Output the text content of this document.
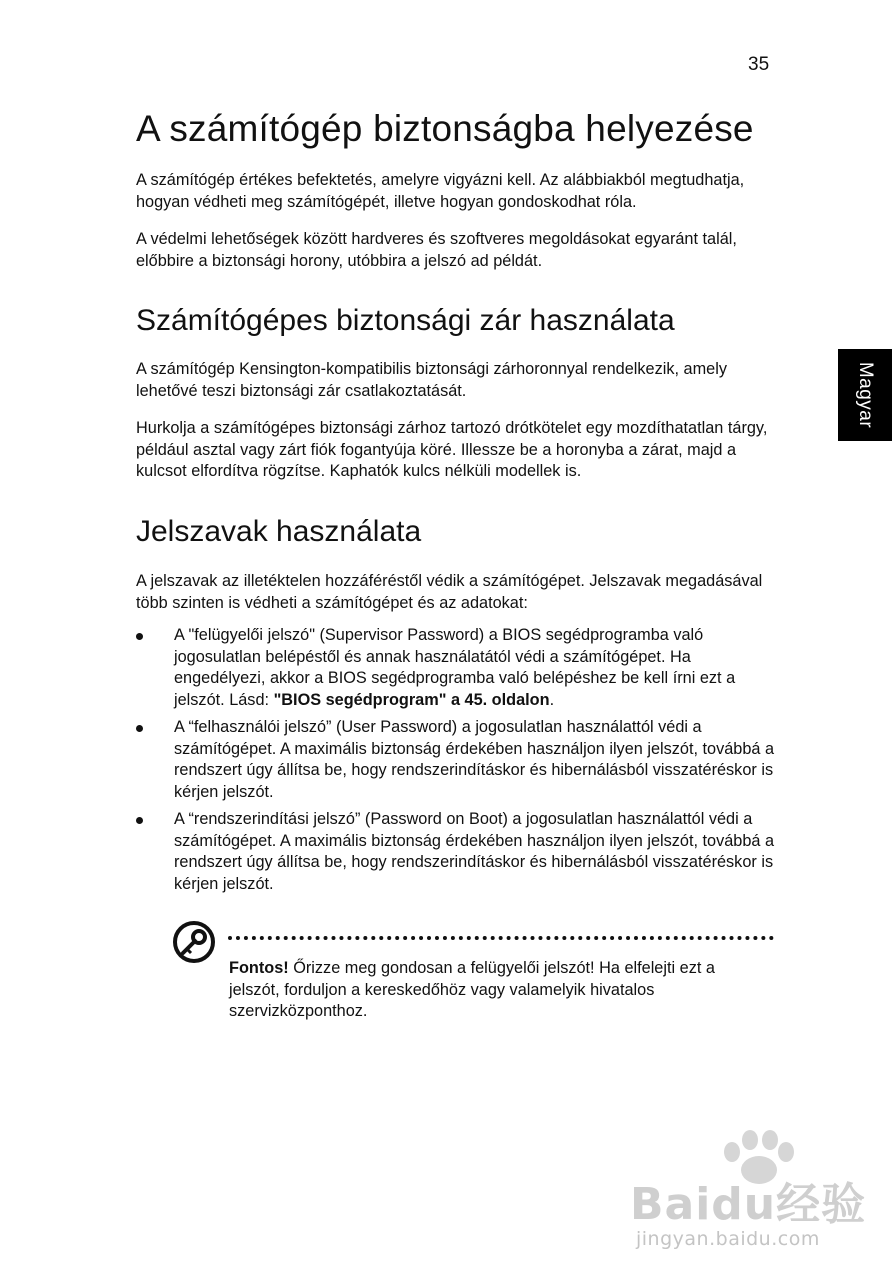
35
Magyar
A számítógép biztonságba helyezése

A számítógép értékes befektetés, amelyre vigyázni kell. Az alábbiakból megtudhatja, hogyan védheti meg számítógépét, illetve hogyan gondoskodhat róla.

A védelmi lehetőségek között hardveres és szoftveres megoldásokat egyaránt talál, előbbire a biztonsági horony, utóbbira a jelszó ad példát.

Számítógépes biztonsági zár használata

A számítógép Kensington-kompatibilis biztonsági zárhoronnyal rendelkezik, amely lehetővé teszi biztonsági zár csatlakoztatását.

Hurkolja a számítógépes biztonsági zárhoz tartozó drótkötelet egy mozdíthatatlan tárgy, például asztal vagy zárt fiók fogantyúja köré. Illessze be a horonyba a zárat, majd a kulcsot elfordítva rögzítse. Kaphatók kulcs nélküli modellek is.

Jelszavak használata

A jelszavak az illetéktelen hozzáféréstől védik a számítógépet. Jelszavak megadásával több szinten is védheti a számítógépet és az adatokat:

A "felügyelői jelszó" (Supervisor Password) a BIOS segédprogramba való jogosulatlan belépéstől és annak használatától védi a számítógépet. Ha engedélyezi, akkor a BIOS segédprogramba való belépéshez be kell írni ezt a jelszót. Lásd: "BIOS segédprogram" a 45. oldalon.
A “felhasználói jelszó” (User Password) a jogosulatlan használattól védi a számítógépet. A maximális biztonság érdekében használjon ilyen jelszót, továbbá a rendszert úgy állítsa be, hogy rendszerindításkor és hibernálásból visszatéréskor is kérjen jelszót.
A “rendszerindítási jelszó” (Password on Boot) a jogosulatlan használattól védi a számítógépet. A maximális biztonság érdekében használjon ilyen jelszót, továbbá a rendszert úgy állítsa be, hogy rendszerindításkor és hibernálásból visszatéréskor is kérjen jelszót.

Fontos! Őrizze meg gondosan a felügyelői jelszót! Ha elfelejti ezt a jelszót, forduljon a kereskedőhöz vagy valamelyik hivatalos szervizközponthoz.

Baidu经验
jingyan.baidu.com
